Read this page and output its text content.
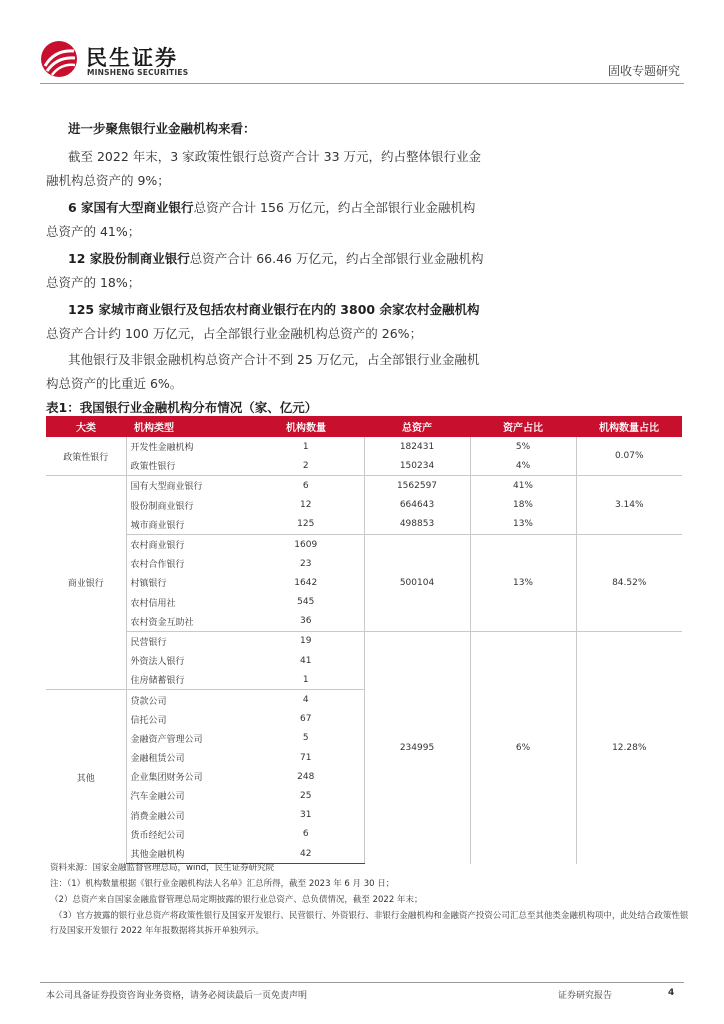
民生证券
MINSHENG SECURITIES	固收专题研究
进一步聚焦银行业金融机构来看：
截至 2022 年末，3 家政策性银行总资产合计 33 万元，约占整体银行业金融机构总资产的 9%；
6 家国有大型商业银行总资产合计 156 万亿元，约占全部银行业金融机构总资产的 41%；
12 家股份制商业银行总资产合计 66.46 万亿元，约占全部银行业金融机构总资产的 18%；
125 家城市商业银行及包括农村商业银行在内的 3800 余家农村金融机构总资产合计约 100 万亿元，占全部银行业金融机构总资产的 26%；
其他银行及非银金融机构总资产合计不到 25 万亿元，占全部银行业金融机构总资产的比重近 6%。
表1：我国银行业金融机构分布情况（家、亿元）
大类	机构类型	机构数量	总资产	资产占比	机构数量占比
政策性银行	开发性金融机构	1	182431	5%	0.07%
	政策性银行	2	150234	4%	
商业银行	国有大型商业银行	6	1562597	41%	3.14%
	股份制商业银行	12	664643	18%	
	城市商业银行	125	498853	13%	
	农村商业银行	1609	500104	13%	84.52%
	农村合作银行	23			
	村镇银行	1642			
	农村信用社	545			
	农村资金互助社	36			
	民营银行	19	234995	6%	12.28%
	外资法人银行	41			
	住房储蓄银行	1			
其他	贷款公司	4			
	信托公司	67			
	金融资产管理公司	5			
	金融租赁公司	71			
	企业集团财务公司	248			
	汽车金融公司	25			
	消费金融公司	31			
	货币经纪公司	6			
	其他金融机构	42			
资料来源：国家金融监督管理总局，wind，民生证券研究院
注：（1）机构数量根据《银行业金融机构法人名单》汇总所得，截至 2023 年 6 月 30 日；
（2）总资产来自国家金融监督管理总局定期披露的银行业总资产、总负债情况，截至 2022 年末；
（3）官方披露的银行业总资产将政策性银行及国家开发银行、民营银行、外资银行、非银行金融机构和金融资产投资公司汇总至其他类金融机构项中，此处结合政策性银行及国家开发银行 2022 年年报数据将其拆开单独列示。
本公司具备证券投资咨询业务资格，请务必阅读最后一页免责声明	证券研究报告	4
